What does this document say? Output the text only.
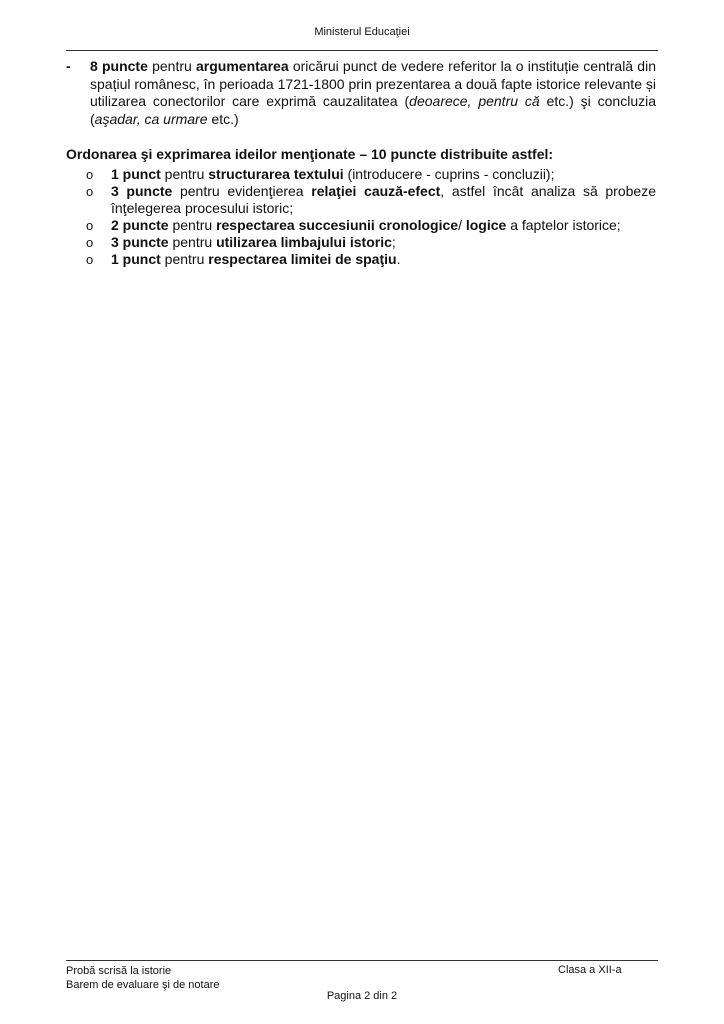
Ministerul Educaţiei
- 8 puncte pentru argumentarea oricărui punct de vedere referitor la o instituție centrală din spațiul românesc, în perioada 1721-1800 prin prezentarea a două fapte istorice relevante și utilizarea conectorilor care exprimă cauzalitatea (deoarece, pentru că etc.) şi concluzia (aşadar, ca urmare etc.)
Ordonarea şi exprimarea ideilor menţionate – 10 puncte distribuite astfel:
o 1 punct pentru structurarea textului (introducere - cuprins - concluzii);
o 3 puncte pentru evidenţierea relaţiei cauză-efect, astfel încât analiza să probeze înţelegerea procesului istoric;
o 2 puncte pentru respectarea succesiunii cronologice/ logice a faptelor istorice;
o 3 puncte pentru utilizarea limbajului istoric;
o 1 punct pentru respectarea limitei de spaţiu.
Probă scrisă la istorie
Barem de evaluare şi de notare
Clasa a XII-a
Pagina 2 din 2
